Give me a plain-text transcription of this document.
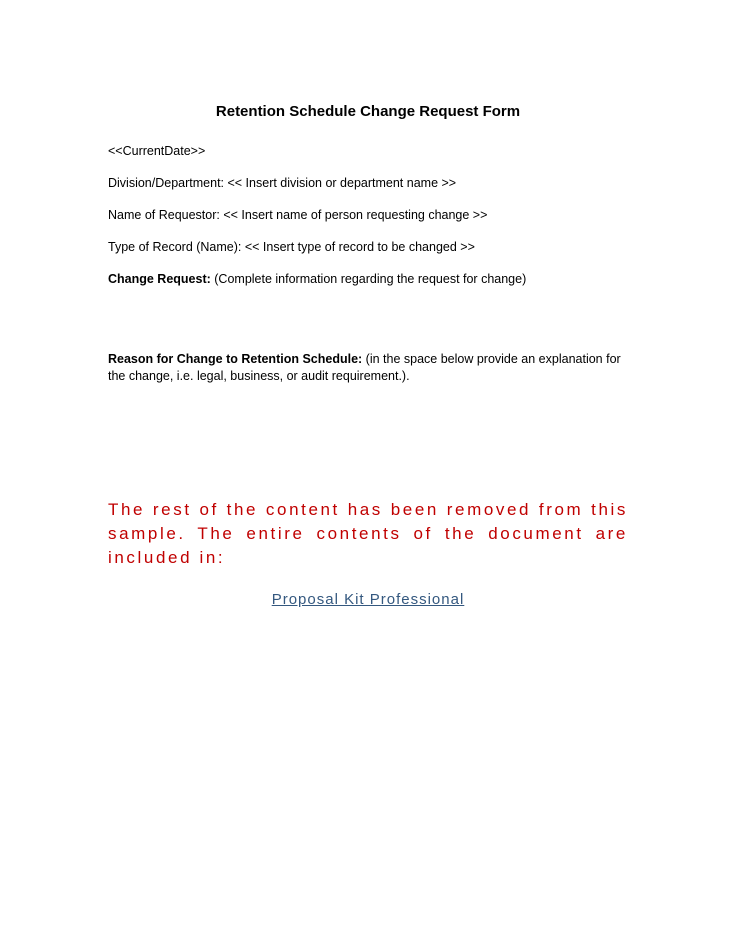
Retention Schedule Change Request Form
<<CurrentDate>>
Division/Department: << Insert division or department name >>
Name of Requestor: << Insert name of person requesting change >>
Type of Record (Name): << Insert type of record to be changed >>
Change Request: (Complete information regarding the request for change)
Reason for Change to Retention Schedule: (in the space below provide an explanation for the change, i.e. legal, business, or audit requirement.).
The rest of the content has been removed from this sample. The entire contents of the document are included in:
Proposal Kit Professional
